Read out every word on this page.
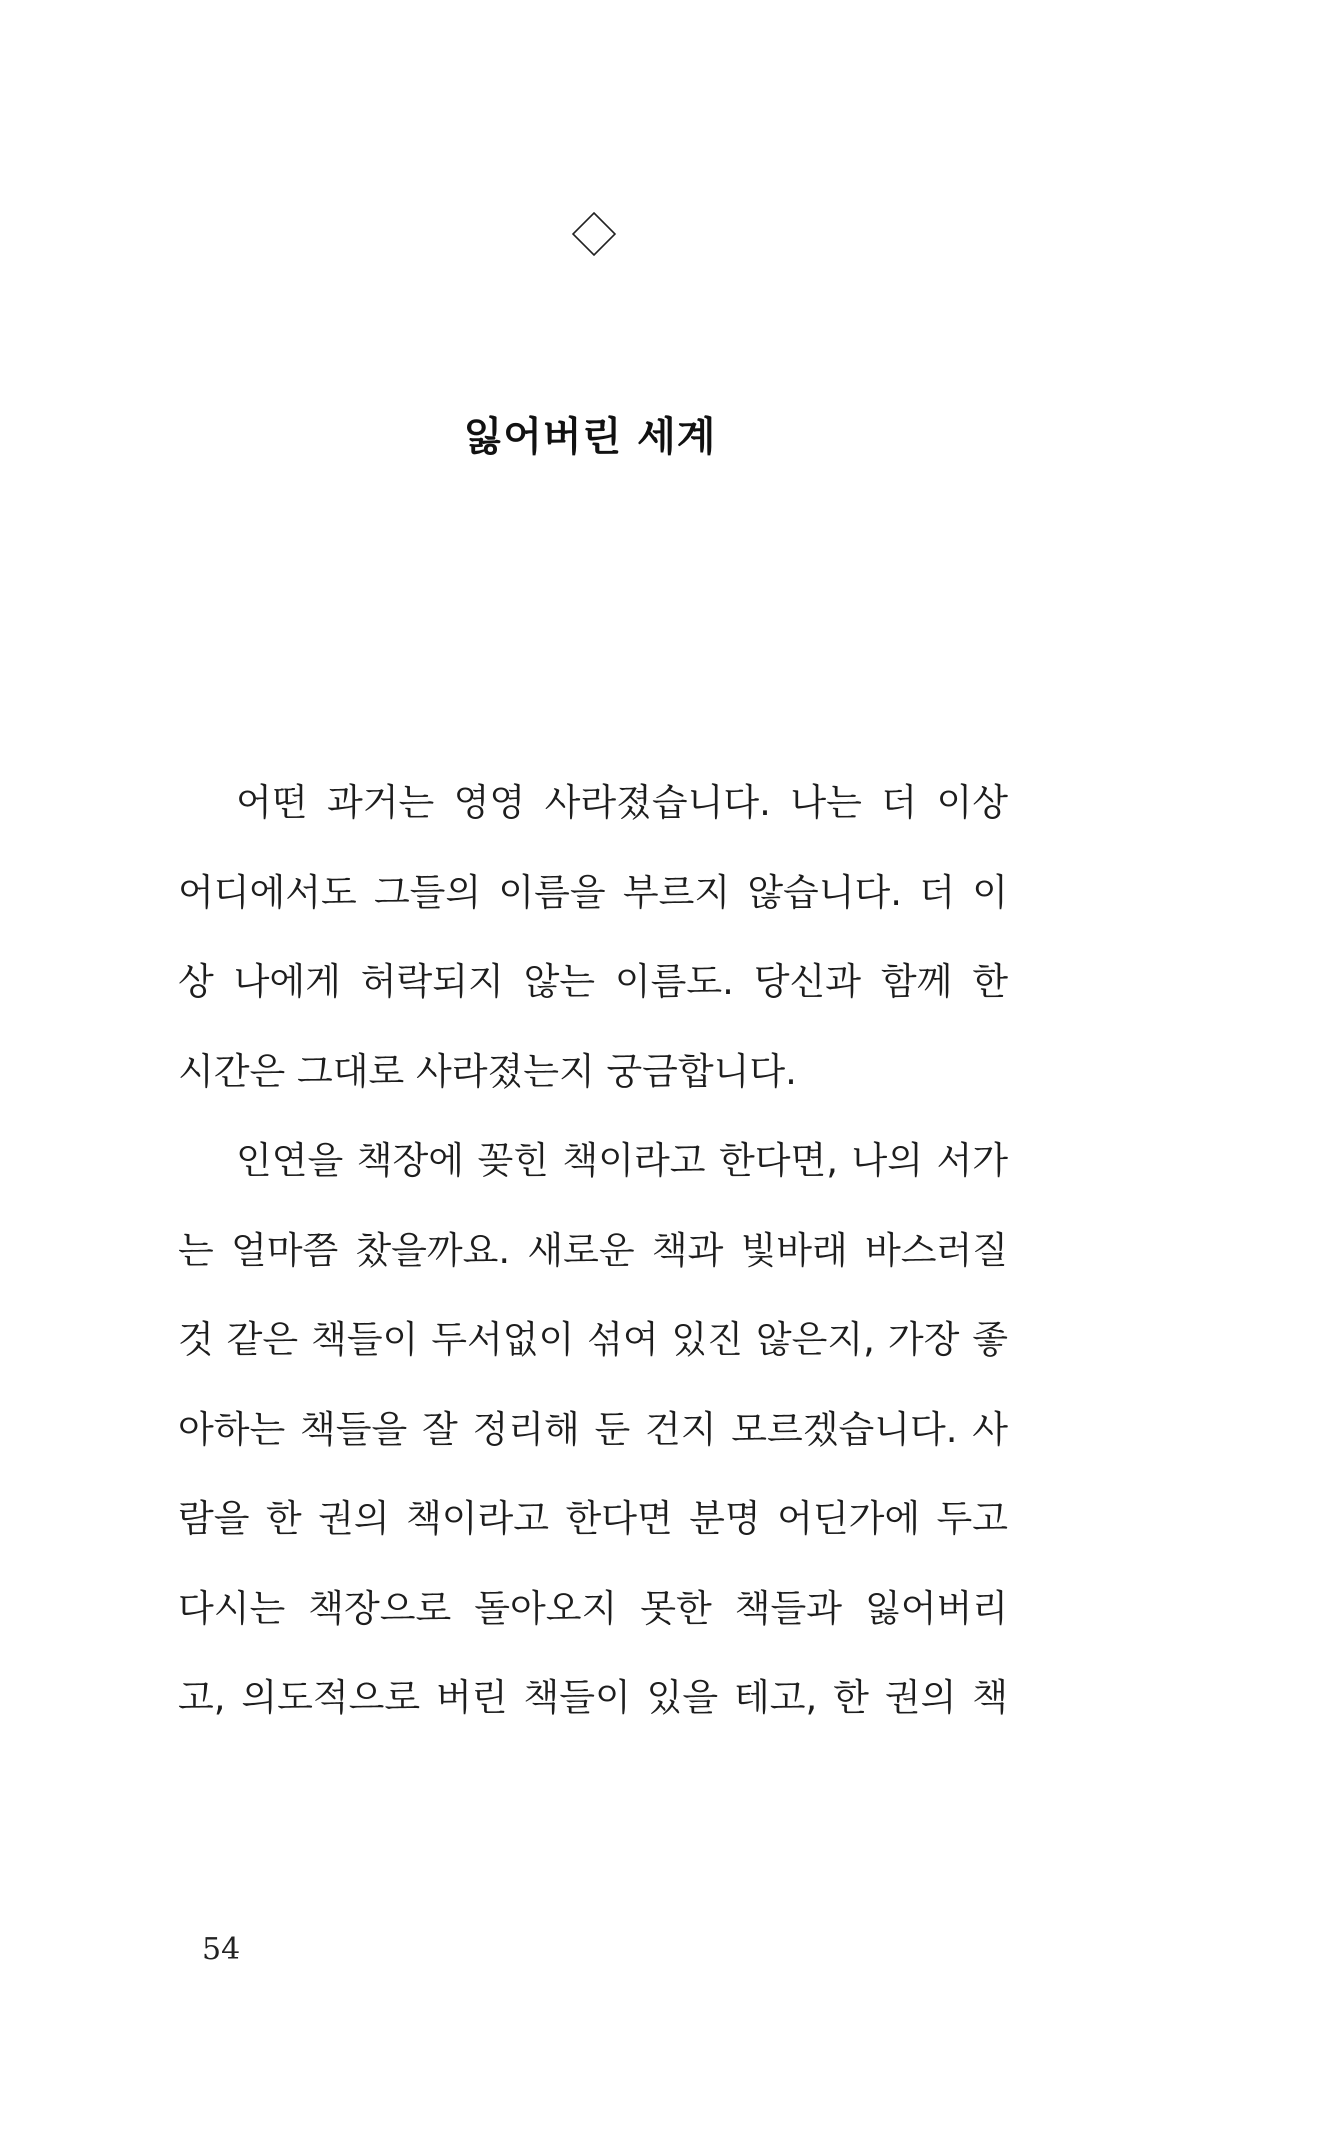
잃어버린 세계
어떤 과거는 영영 사라졌습니다. 나는 더 이상
어디에서도 그들의 이름을 부르지 않습니다. 더 이
상 나에게 허락되지 않는 이름도. 당신과 함께 한
시간은 그대로 사라졌는지 궁금합니다.
인연을 책장에 꽂힌 책이라고 한다면, 나의 서가
는 얼마쯤 찼을까요. 새로운 책과 빛바래 바스러질
것 같은 책들이 두서없이 섞여 있진 않은지, 가장 좋
아하는 책들을 잘 정리해 둔 건지 모르겠습니다. 사
람을 한 권의 책이라고 한다면 분명 어딘가에 두고
다시는 책장으로 돌아오지 못한 책들과 잃어버리
고, 의도적으로 버린 책들이 있을 테고, 한 권의 책
54
